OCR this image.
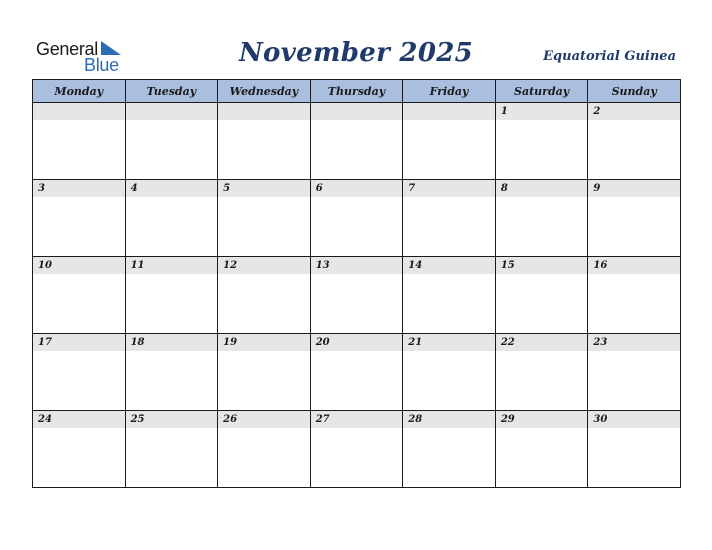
General
Blue	November 2025	Equatorial Guinea
Monday	Tuesday	Wednesday	Thursday	Friday	Saturday	Sunday

					1	2

3	4	5	6	7	8	9

10	11	12	13	14	15	16

17	18	19	20	21	22	23

24	25	26	27	28	29	30
